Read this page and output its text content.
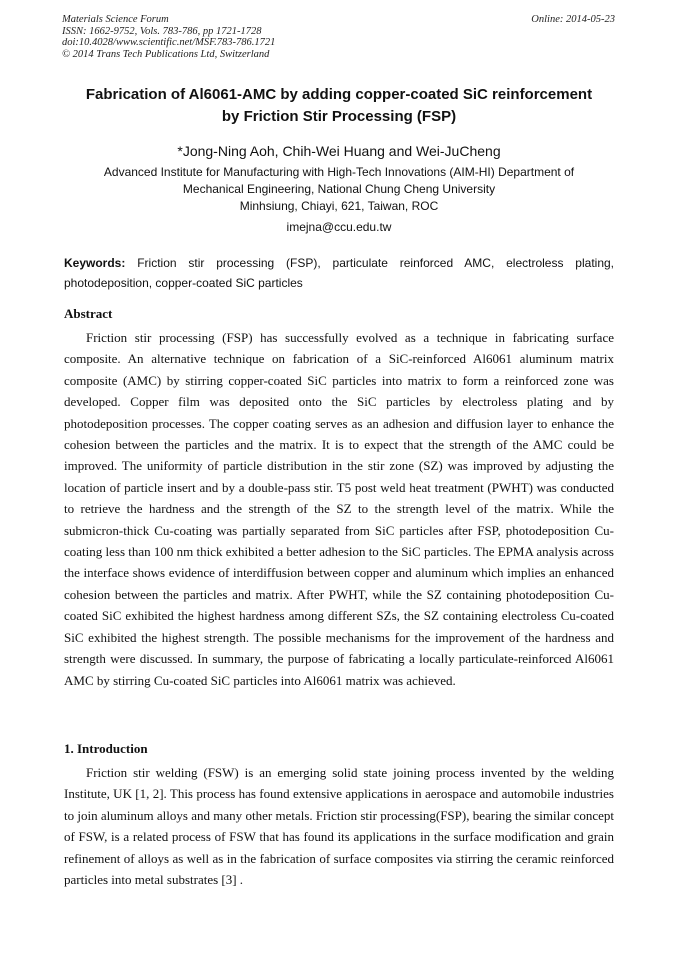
Materials Science Forum
ISSN: 1662-9752, Vols. 783-786, pp 1721-1728
doi:10.4028/www.scientific.net/MSF.783-786.1721
© 2014 Trans Tech Publications Ltd, Switzerland
Online: 2014-05-23
Fabrication of Al6061-AMC by adding copper-coated SiC reinforcement
by Friction Stir Processing (FSP)
*Jong-Ning Aoh, Chih-Wei Huang and Wei-JuCheng
Advanced Institute for Manufacturing with High-Tech Innovations (AIM-HI) Department of
Mechanical Engineering, National Chung Cheng University
Minhsiung, Chiayi, 621, Taiwan, ROC
imejna@ccu.edu.tw
Keywords: Friction stir processing (FSP), particulate reinforced AMC, electroless plating, photodeposition, copper-coated SiC particles
Abstract

Friction stir processing (FSP) has successfully evolved as a technique in fabricating surface composite. An alternative technique on fabrication of a SiC-reinforced Al6061 aluminum matrix composite (AMC) by stirring copper-coated SiC particles into matrix to form a reinforced zone was developed. Copper film was deposited onto the SiC particles by electroless plating and by photodeposition processes. The copper coating serves as an adhesion and diffusion layer to enhance the cohesion between the particles and the matrix. It is to expect that the strength of the AMC could be improved. The uniformity of particle distribution in the stir zone (SZ) was improved by adjusting the location of particle insert and by a double-pass stir. T5 post weld heat treatment (PWHT) was conducted to retrieve the hardness and the strength of the SZ to the strength level of the matrix. While the submicron-thick Cu-coating was partially separated from SiC particles after FSP, photodeposition Cu-coating less than 100 nm thick exhibited a better adhesion to the SiC particles. The EPMA analysis across the interface shows evidence of interdiffusion between copper and aluminum which implies an enhanced cohesion between the particles and matrix. After PWHT, while the SZ containing photodeposition Cu-coated SiC exhibited the highest hardness among different SZs, the SZ containing electroless Cu-coated SiC exhibited the highest strength. The possible mechanisms for the improvement of the hardness and strength were discussed. In summary, the purpose of fabricating a locally particulate-reinforced Al6061 AMC by stirring Cu-coated SiC particles into Al6061 matrix was achieved.

1. Introduction

Friction stir welding (FSW) is an emerging solid state joining process invented by the welding Institute, UK [1, 2]. This process has found extensive applications in aerospace and automobile industries to join aluminum alloys and many other metals. Friction stir processing(FSP), bearing the similar concept of FSW, is a related process of FSW that has found its applications in the surface modification and grain refinement of alloys as well as in the fabrication of surface composites via stirring the ceramic reinforced particles into metal substrates [3] .
